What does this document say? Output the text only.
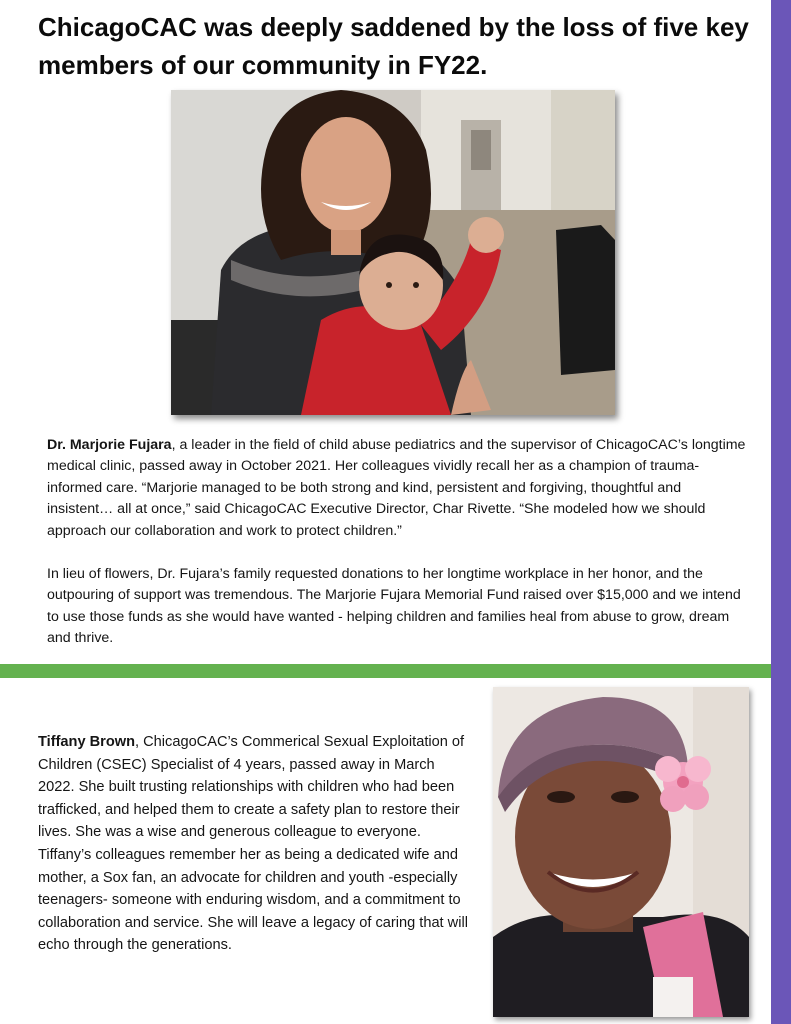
ChicagoCAC was deeply saddened by the loss of five key members of our community in FY22.

Dr. Marjorie Fujara, a leader in the field of child abuse pediatrics and the supervisor of ChicagoCAC’s longtime medical clinic, passed away in October 2021. Her colleagues vividly recall her as a champion of trauma-informed care. “Marjorie managed to be both strong and kind, persistent and forgiving, thoughtful and insistent… all at once,” said ChicagoCAC Executive Director, Char Rivette. “She modeled how we should approach our collaboration and work to protect children.”

In lieu of flowers, Dr. Fujara’s family requested donations to her longtime workplace in her honor, and the outpouring of support was tremendous. The Marjorie Fujara Memorial Fund raised over $15,000 and we intend to use those funds as she would have wanted - helping children and families heal from abuse to grow, dream and thrive.

Tiffany Brown, ChicagoCAC’s Commerical Sexual Exploitation of Children (CSEC) Specialist of 4 years, passed away in March 2022. She built trusting relationships with children who had been trafficked, and helped them to create a safety plan to restore their lives. She was a wise and generous colleague to everyone. Tiffany’s colleagues remember her as being a dedicated wife and mother, a Sox fan, an advocate for children and youth -especially teenagers- someone with enduring wisdom, and a commitment to collaboration and service. She will leave a legacy of caring that will echo through the generations.
